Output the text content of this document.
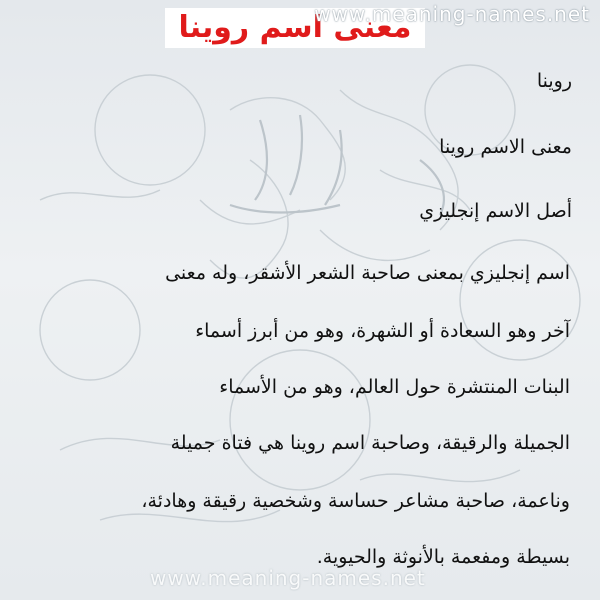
معنى اسم روينا
www.meaning-names.net
روينا
معنى الاسم روينا
أصل الاسم إنجليزي
اسم إنجليزي بمعنى صاحبة الشعر الأشقر، وله معنى
آخر وهو السعادة أو الشهرة، وهو من أبرز أسماء
البنات المنتشرة حول العالم، وهو من الأسماء
الجميلة والرقيقة، وصاحبة اسم روينا هي فتاة جميلة
وناعمة، صاحبة مشاعر حساسة وشخصية رقيقة وهادئة،
بسيطة ومفعمة بالأنوثة والحيوية.
www.meaning-names.net
